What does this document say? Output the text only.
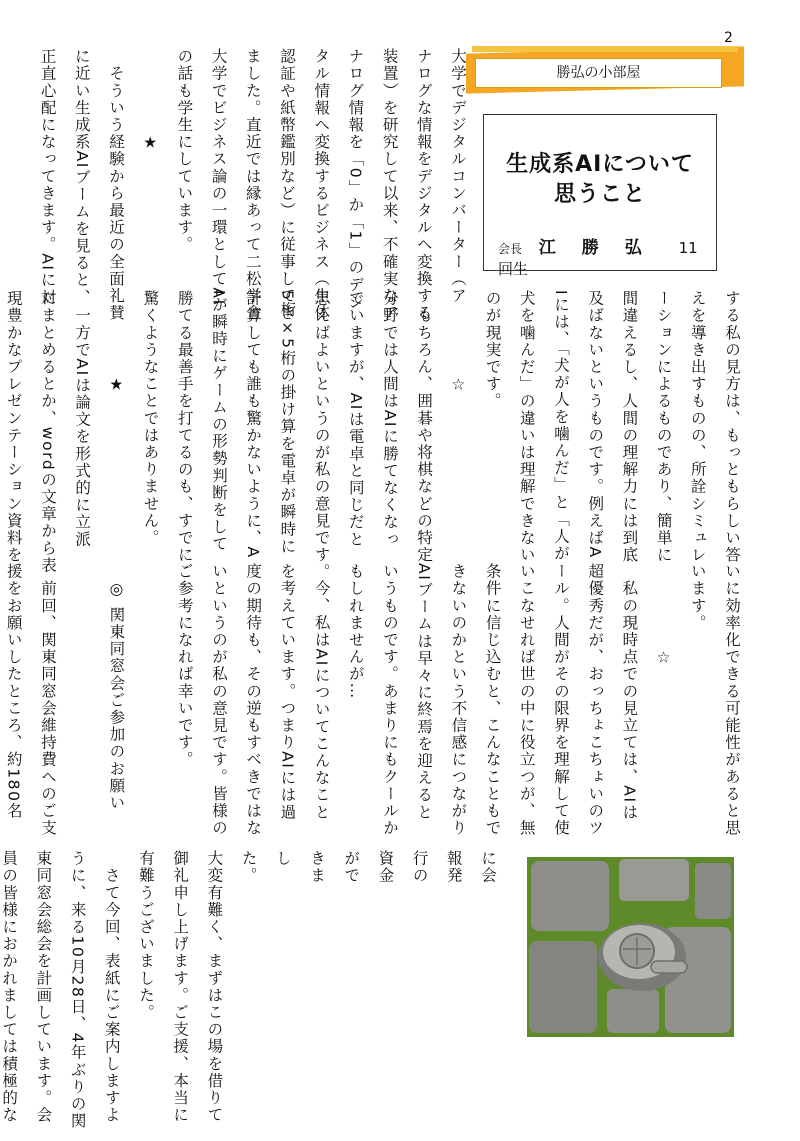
2
勝弘の小部屋
生成系AIについて
思うこと
会長 江勝弘 11回生
大学でデジタルコンバーター（ア
ナログな情報をデジタルへ変換する
装置）を研究して以来、不確実なア
ナログ情報を「0」か「1」のデジ
タル情報へ変換するビジネス（生体
認証や紙幣鑑別など）に従事してき
ました。直近では縁あって二松学舎
大学でビジネス論の一環としてAI
の話も学生にしています。
　　　　　★
　そういう経験から最近の全面礼賛
に近い生成系AIブームを見ると、
正直心配になってきます。AIに対
する私の見方は、もっともらしい答
えを導き出すものの、所詮シミュレ
ーションによるものであり、簡単に
間違えるし、人間の理解力には到底
及ばないというものです。例えばA
Iには、「犬が人を噛んだ」と「人が
犬を噛んだ」の違いは理解できない
のが現実です。
　　　　　☆
　もちろん、囲碁や将棋などの特定
分野では人間はAIに勝てなくなっ
ていますが、AIは電卓と同じだと
思えばよいというのが私の意見です。
5桁×5桁の掛け算を電卓が瞬時に
計算しても誰も驚かないように、A
Iが瞬時にゲームの形勢判断をして
勝てる最善手を打てるのも、すでに
驚くようなことではありません。
　　　　　★
　一方でAIは論文を形式的に立派
にまとめるとか、wordの文章から表
現豊かなプレゼンテーション資料を

いに効率化できる可能性があると思
います。
　　　　　☆
　私の現時点での見立ては、AIは
超優秀だが、おっちょこちょいのツ
ール。人間がその限界を理解して使
いこなせれば世の中に役立つが、無
条件に信じ込むと、こんなこともで
きないのかという不信感につながり
AIブームは早々に終焉を迎えると
いうものです。あまりにもクールか
もしれませんが…
　今、私はAIについてこんなこと
を考えています。つまりAIには過
度の期待も、その逆もすべきではな
いというのが私の意見です。皆様の
ご参考になれば幸いです。

　◎ 関東同窓会ご参加のお願い

　前回、関東同窓会維持費へのご支
援をお願いしたところ、約180名

に会
報発
行の
資金
がで
きま
し
た。
大変有難く、まずはこの場を借りて
御礼申し上げます。ご支援、本当に
有難うございました。
　さて今回、表紙にご案内しますよ
うに、来る10月28日、4年ぶりの関
東同窓会総会を計画しています。会
員の皆様におかれましては積極的な
